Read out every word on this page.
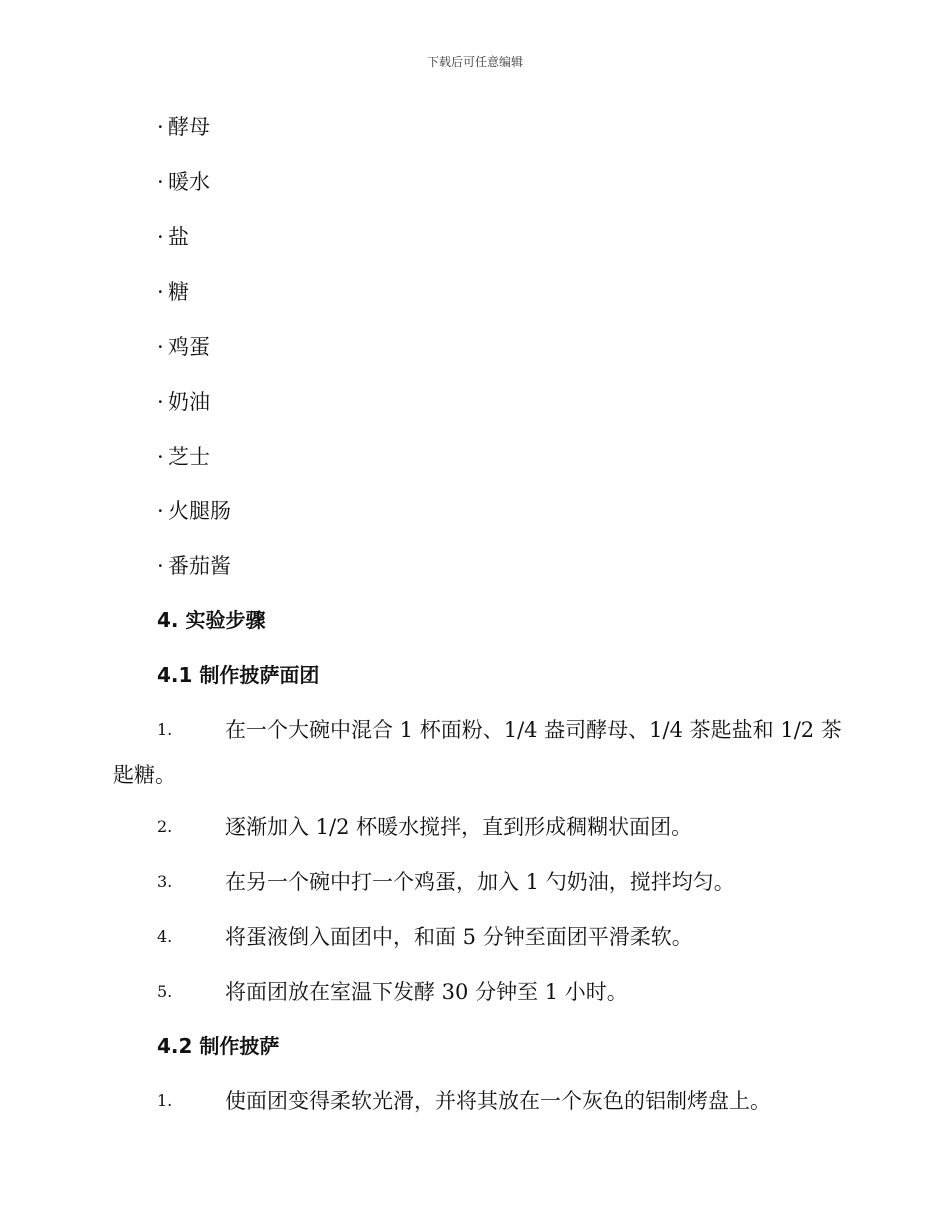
下载后可任意编辑
· 酵母
· 暖水
· 盐
· 糖
· 鸡蛋
· 奶油
· 芝士
· 火腿肠
· 番茄酱
4. 实验步骤
4.1 制作披萨面团
1.	在一个大碗中混合 1 杯面粉、1/4 盎司酵母、1/4 茶匙盐和 1/2 茶
匙糖。
2.	逐渐加入 1/2 杯暖水搅拌，直到形成稠糊状面团。
3.	在另一个碗中打一个鸡蛋，加入 1 勺奶油，搅拌均匀。
4.	将蛋液倒入面团中，和面 5 分钟至面团平滑柔软。
5.	将面团放在室温下发酵 30 分钟至 1 小时。
4.2 制作披萨
1.	使面团变得柔软光滑，并将其放在一个灰色的铝制烤盘上。
